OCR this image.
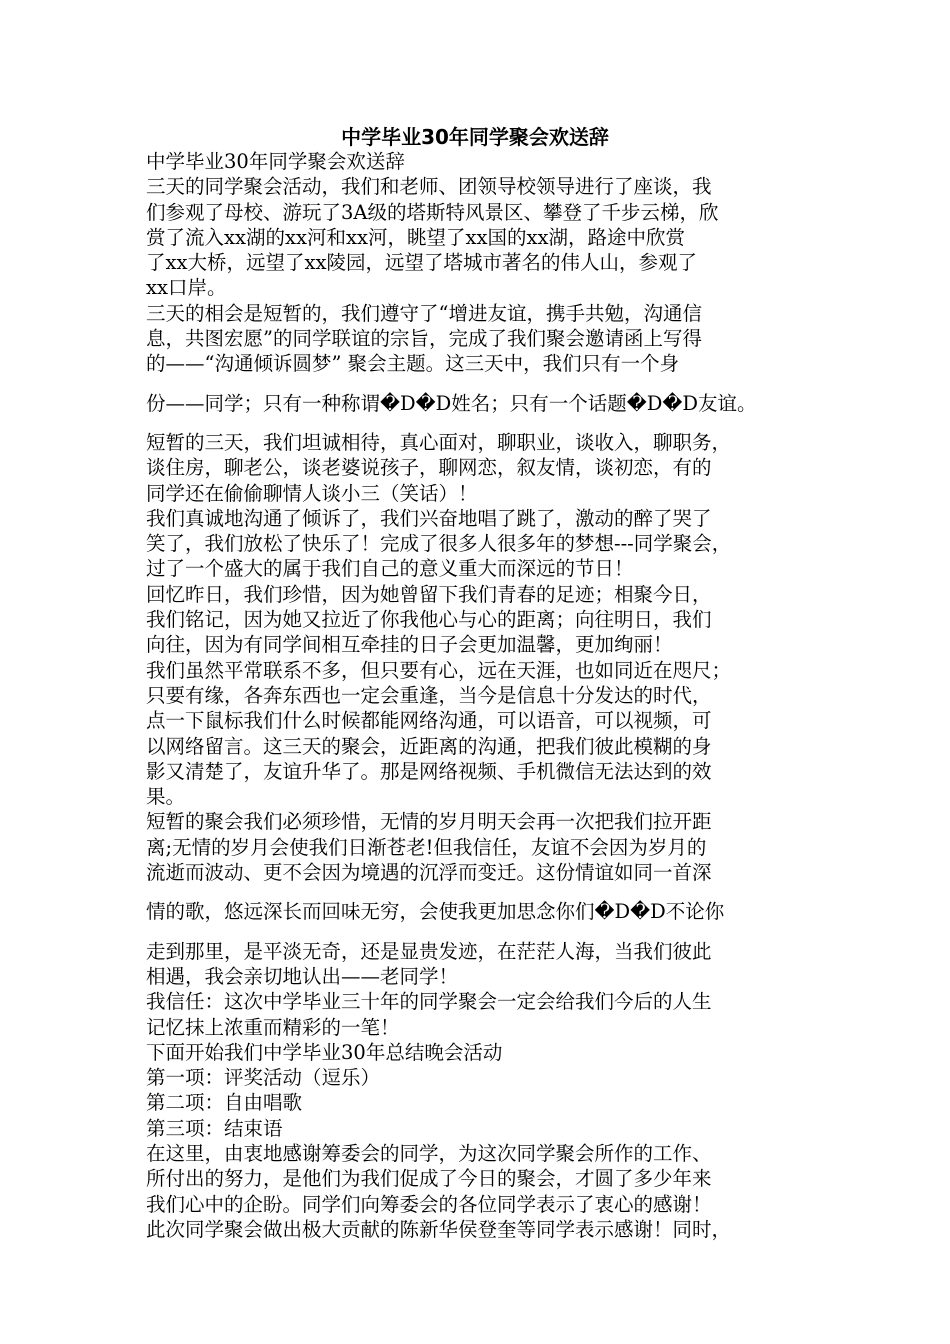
中学毕业30年同学聚会欢送辞
中学毕业30年同学聚会欢送辞
三天的同学聚会活动，我们和老师、团领导校领导进行了座谈，我
们参观了母校、游玩了3A级的塔斯特风景区、攀登了千步云梯，欣
赏了流入xx湖的xx河和xx河，眺望了xx国的xx湖，路途中欣赏
了xx大桥，远望了xx陵园，远望了塔城市著名的伟人山，参观了
xx口岸。
三天的相会是短暂的，我们遵守了“增进友谊，携手共勉，沟通信
息，共图宏愿”的同学联谊的宗旨，完成了我们聚会邀请函上写得
的——“沟通倾诉圆梦” 聚会主题。这三天中，我们只有一个身
份——同学；只有一种称谓�D�D姓名；只有一个话题�D�D友谊。
短暂的三天，我们坦诚相待，真心面对，聊职业，谈收入，聊职务，
谈住房，聊老公，谈老婆说孩子，聊网恋，叙友情，谈初恋，有的
同学还在偷偷聊情人谈小三（笑话）！
我们真诚地沟通了倾诉了，我们兴奋地唱了跳了，激动的醉了哭了
笑了，我们放松了快乐了！完成了很多人很多年的梦想---同学聚会，
过了一个盛大的属于我们自己的意义重大而深远的节日！
回忆昨日，我们珍惜，因为她曾留下我们青春的足迹；相聚今日，
我们铭记，因为她又拉近了你我他心与心的距离；向往明日，我们
向往，因为有同学间相互牵挂的日子会更加温馨，更加绚丽！
我们虽然平常联系不多，但只要有心，远在天涯，也如同近在咫尺；
只要有缘，各奔东西也一定会重逢，当今是信息十分发达的时代，
点一下鼠标我们什么时候都能网络沟通，可以语音，可以视频，可
以网络留言。这三天的聚会，近距离的沟通，把我们彼此模糊的身
影又清楚了，友谊升华了。那是网络视频、手机微信无法达到的效
果。
短暂的聚会我们必须珍惜，无情的岁月明天会再一次把我们拉开距
离;无情的岁月会使我们日渐苍老!但我信任，友谊不会因为岁月的
流逝而波动、更不会因为境遇的沉浮而变迁。这份情谊如同一首深
情的歌，悠远深长而回味无穷，会使我更加思念你们�D�D不论你
走到那里，是平淡无奇，还是显贵发迹，在茫茫人海，当我们彼此
相遇，我会亲切地认出——老同学！
我信任：这次中学毕业三十年的同学聚会一定会给我们今后的人生
记忆抹上浓重而精彩的一笔！
下面开始我们中学毕业30年总结晚会活动
第一项：评奖活动（逗乐）
第二项：自由唱歌
第三项：结束语
在这里，由衷地感谢筹委会的同学，为这次同学聚会所作的工作、
所付出的努力，是他们为我们促成了今日的聚会，才圆了多少年来
我们心中的企盼。同学们向筹委会的各位同学表示了衷心的感谢！
此次同学聚会做出极大贡献的陈新华侯登奎等同学表示感谢！同时，
